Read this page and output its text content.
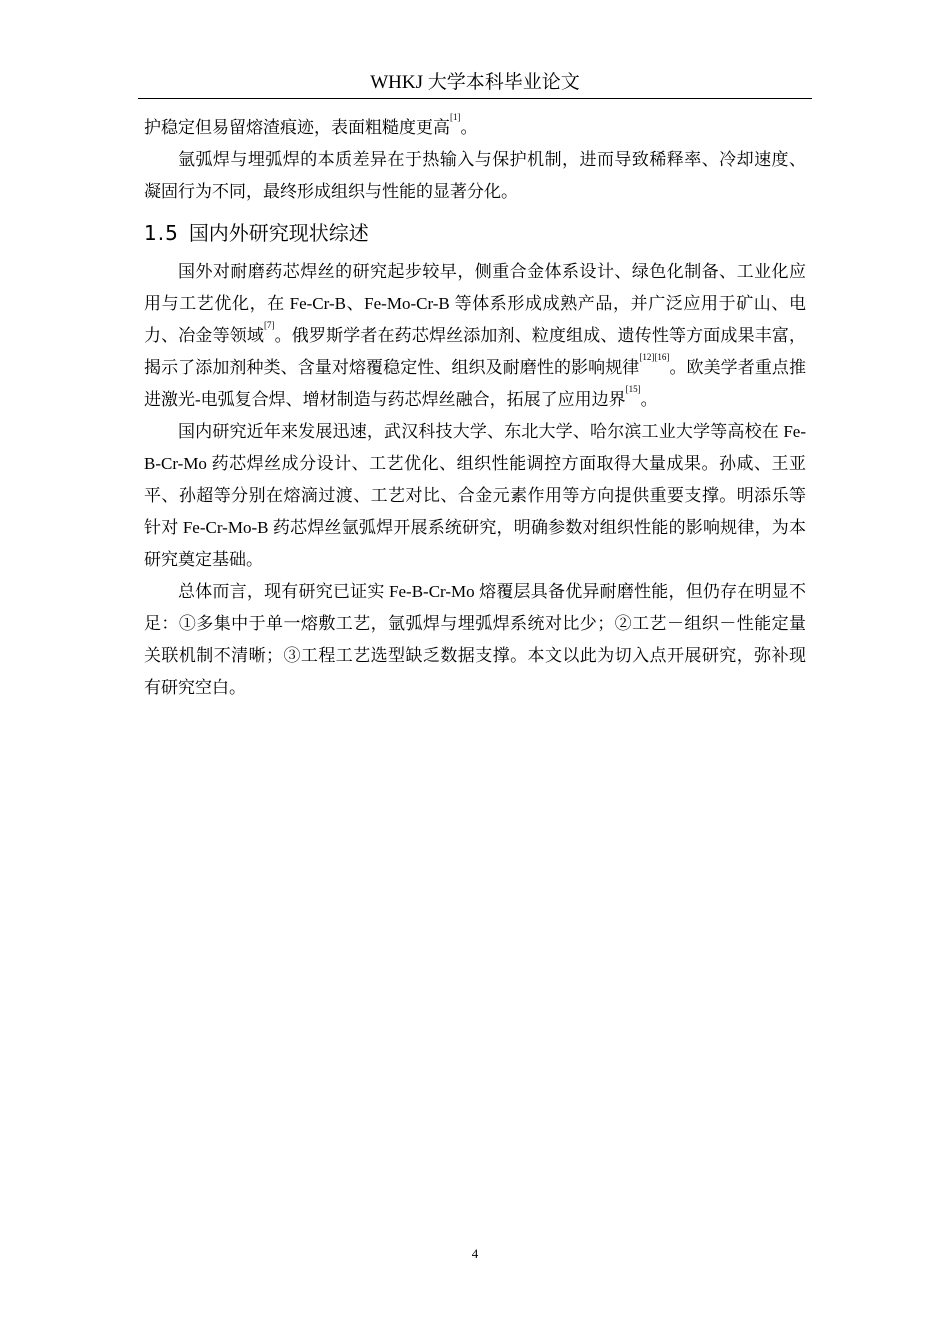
WHKJ 大学本科毕业论文

护稳定但易留熔渣痕迹，表面粗糙度更高[1]。

氩弧焊与埋弧焊的本质差异在于热输入与保护机制，进而导致稀释率、冷却速度、凝固行为不同，最终形成组织与性能的显著分化。

1.5 国内外研究现状综述

国外对耐磨药芯焊丝的研究起步较早，侧重合金体系设计、绿色化制备、工业化应用与工艺优化，在 Fe-Cr-B、Fe-Mo-Cr-B 等体系形成成熟产品，并广泛应用于矿山、电力、冶金等领域[7]。俄罗斯学者在药芯焊丝添加剂、粒度组成、遗传性等方面成果丰富，揭示了添加剂种类、含量对熔覆稳定性、组织及耐磨性的影响规律[12][16]。欧美学者重点推进激光-电弧复合焊、增材制造与药芯焊丝融合，拓展了应用边界[15]。

国内研究近年来发展迅速，武汉科技大学、东北大学、哈尔滨工业大学等高校在 Fe-B-Cr-Mo 药芯焊丝成分设计、工艺优化、组织性能调控方面取得大量成果。孙咸、王亚平、孙超等分别在熔滴过渡、工艺对比、合金元素作用等方向提供重要支撑。明添乐等针对 Fe-Cr-Mo-B 药芯焊丝氩弧焊开展系统研究，明确参数对组织性能的影响规律，为本研究奠定基础。

总体而言，现有研究已证实 Fe-B-Cr-Mo 熔覆层具备优异耐磨性能，但仍存在明显不足：①多集中于单一熔敷工艺，氩弧焊与埋弧焊系统对比少；②工艺－组织－性能定量关联机制不清晰；③工程工艺选型缺乏数据支撑。本文以此为切入点开展研究，弥补现有研究空白。

4
